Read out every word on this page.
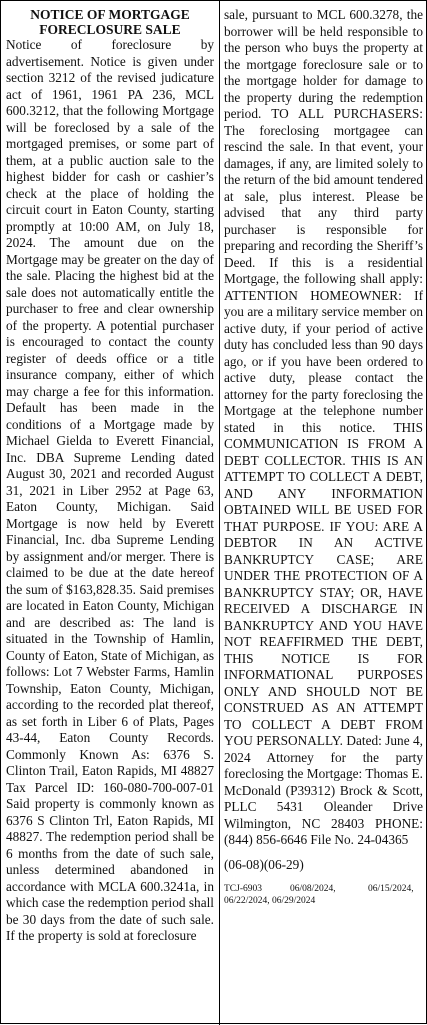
NOTICE OF MORTGAGE
FORECLOSURE SALE

Notice of foreclosure by advertisement. Notice is given under section 3212 of the revised judicature act of 1961, 1961 PA 236, MCL 600.3212, that the following Mortgage will be foreclosed by a sale of the mortgaged premises, or some part of them, at a public auction sale to the highest bidder for cash or cashier’s check at the place of holding the circuit court in Eaton County, starting promptly at 10:00 AM, on July 18, 2024. The amount due on the Mortgage may be greater on the day of the sale. Placing the highest bid at the sale does not automatically entitle the purchaser to free and clear ownership of the property. A potential purchaser is encouraged to contact the county register of deeds office or a title insurance company, either of which may charge a fee for this information. Default has been made in the conditions of a Mortgage made by Michael Gielda to Everett Financial, Inc. DBA Supreme Lending dated August 30, 2021 and recorded August 31, 2021 in Liber 2952 at Page 63, Eaton County, Michigan. Said Mortgage is now held by Everett Financial, Inc. dba Supreme Lending by assignment and/or merger. There is claimed to be due at the date hereof the sum of $163,828.35. Said premises are located in Eaton County, Michigan and are described as: The land is situated in the Township of Hamlin, County of Eaton, State of Michigan, as follows: Lot 7 Webster Farms, Hamlin Township, Eaton County, Michigan, according to the recorded plat thereof, as set forth in Liber 6 of Plats, Pages 43-44, Eaton County Records. Commonly Known As: 6376 S. Clinton Trail, Eaton Rapids, MI 48827 Tax Parcel ID: 160-080-700-007-01 Said property is commonly known as 6376 S Clinton Trl, Eaton Rapids, MI 48827. The redemption period shall be 6 months from the date of such sale, unless determined abandoned in accordance with MCLA 600.3241a, in which case the redemption period shall be 30 days from the date of such sale. If the property is sold at foreclosure

sale, pursuant to MCL 600.3278, the borrower will be held responsible to the person who buys the property at the mortgage foreclosure sale or to the mortgage holder for damage to the property during the redemption period. TO ALL PURCHASERS: The foreclosing mortgagee can rescind the sale. In that event, your damages, if any, are limited solely to the return of the bid amount tendered at sale, plus interest. Please be advised that any third party purchaser is responsible for preparing and recording the Sheriff’s Deed. If this is a residential Mortgage, the following shall apply: ATTENTION HOMEOWNER: If you are a military service member on active duty, if your period of active duty has concluded less than 90 days ago, or if you have been ordered to active duty, please contact the attorney for the party foreclosing the Mortgage at the telephone number stated in this notice. THIS COMMUNICATION IS FROM A DEBT COLLECTOR. THIS IS AN ATTEMPT TO COLLECT A DEBT, AND ANY INFORMATION OBTAINED WILL BE USED FOR THAT PURPOSE. IF YOU: ARE A DEBTOR IN AN ACTIVE BANKRUPTCY CASE; ARE UNDER THE PROTECTION OF A BANKRUPTCY STAY; OR, HAVE RECEIVED A DISCHARGE IN BANKRUPTCY AND YOU HAVE NOT REAFFIRMED THE DEBT, THIS NOTICE IS FOR INFORMATIONAL PURPOSES ONLY AND SHOULD NOT BE CONSTRUED AS AN ATTEMPT TO COLLECT A DEBT FROM YOU PERSONALLY. Dated: June 4, 2024 Attorney for the party foreclosing the Mortgage: Thomas E. McDonald (P39312) Brock & Scott, PLLC 5431 Oleander Drive Wilmington, NC 28403 PHONE: (844) 856-6646 File No. 24-04365

(06-08)(06-29)
TCJ-6903	06/08/2024,	06/15/2024,
06/22/2024, 06/29/2024
